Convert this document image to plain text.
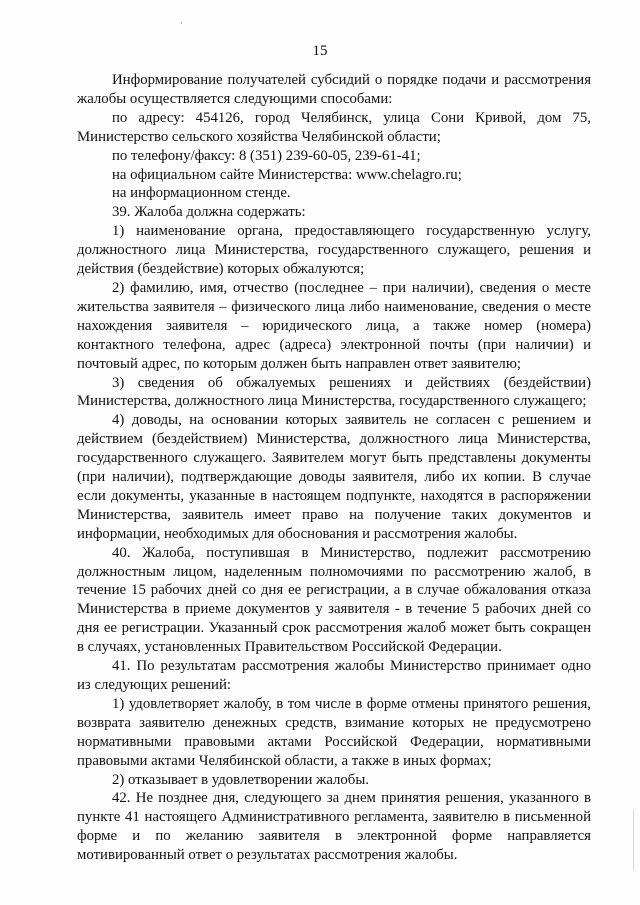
15

Информирование получателей субсидий о порядке подачи и рассмотрения жалобы осуществляется следующими способами:

по адресу: 454126, город Челябинск, улица Сони Кривой, дом 75, Министерство сельского хозяйства Челябинской области;

по телефону/факсу: 8 (351) 239-60-05, 239-61-41;

на официальном сайте Министерства: www.chelagro.ru;

на информационном стенде.

39. Жалоба должна содержать:

1) наименование органа, предоставляющего государственную услугу, должностного лица Министерства, государственного служащего, решения и действия (бездействие) которых обжалуются;

2) фамилию, имя, отчество (последнее – при наличии), сведения о месте жительства заявителя – физического лица либо наименование, сведения о месте нахождения заявителя – юридического лица, а также номер (номера) контактного телефона, адрес (адреса) электронной почты (при наличии) и почтовый адрес, по которым должен быть направлен ответ заявителю;

3) сведения об обжалуемых решениях и действиях (бездействии) Министерства, должностного лица Министерства, государственного служащего;

4) доводы, на основании которых заявитель не согласен с решением и действием (бездействием) Министерства, должностного лица Министерства, государственного служащего. Заявителем могут быть представлены документы (при наличии), подтверждающие доводы заявителя, либо их копии. В случае если документы, указанные в настоящем подпункте, находятся в распоряжении Министерства, заявитель имеет право на получение таких документов и информации, необходимых для обоснования и рассмотрения жалобы.

40. Жалоба, поступившая в Министерство, подлежит рассмотрению должностным лицом, наделенным полномочиями по рассмотрению жалоб, в течение 15 рабочих дней со дня ее регистрации, а в случае обжалования отказа Министерства в приеме документов у заявителя - в течение 5 рабочих дней со дня ее регистрации. Указанный срок рассмотрения жалоб может быть сокращен в случаях, установленных Правительством Российской Федерации.

41. По результатам рассмотрения жалобы Министерство принимает одно из следующих решений:

1) удовлетворяет жалобу, в том числе в форме отмены принятого решения, возврата заявителю денежных средств, взимание которых не предусмотрено нормативными правовыми актами Российской Федерации, нормативными правовыми актами Челябинской области, а также в иных формах;

2) отказывает в удовлетворении жалобы.

42. Не позднее дня, следующего за днем принятия решения, указанного в пункте 41 настоящего Административного регламента, заявителю в письменной форме и по желанию заявителя в электронной форме направляется мотивированный ответ о результатах рассмотрения жалобы.
